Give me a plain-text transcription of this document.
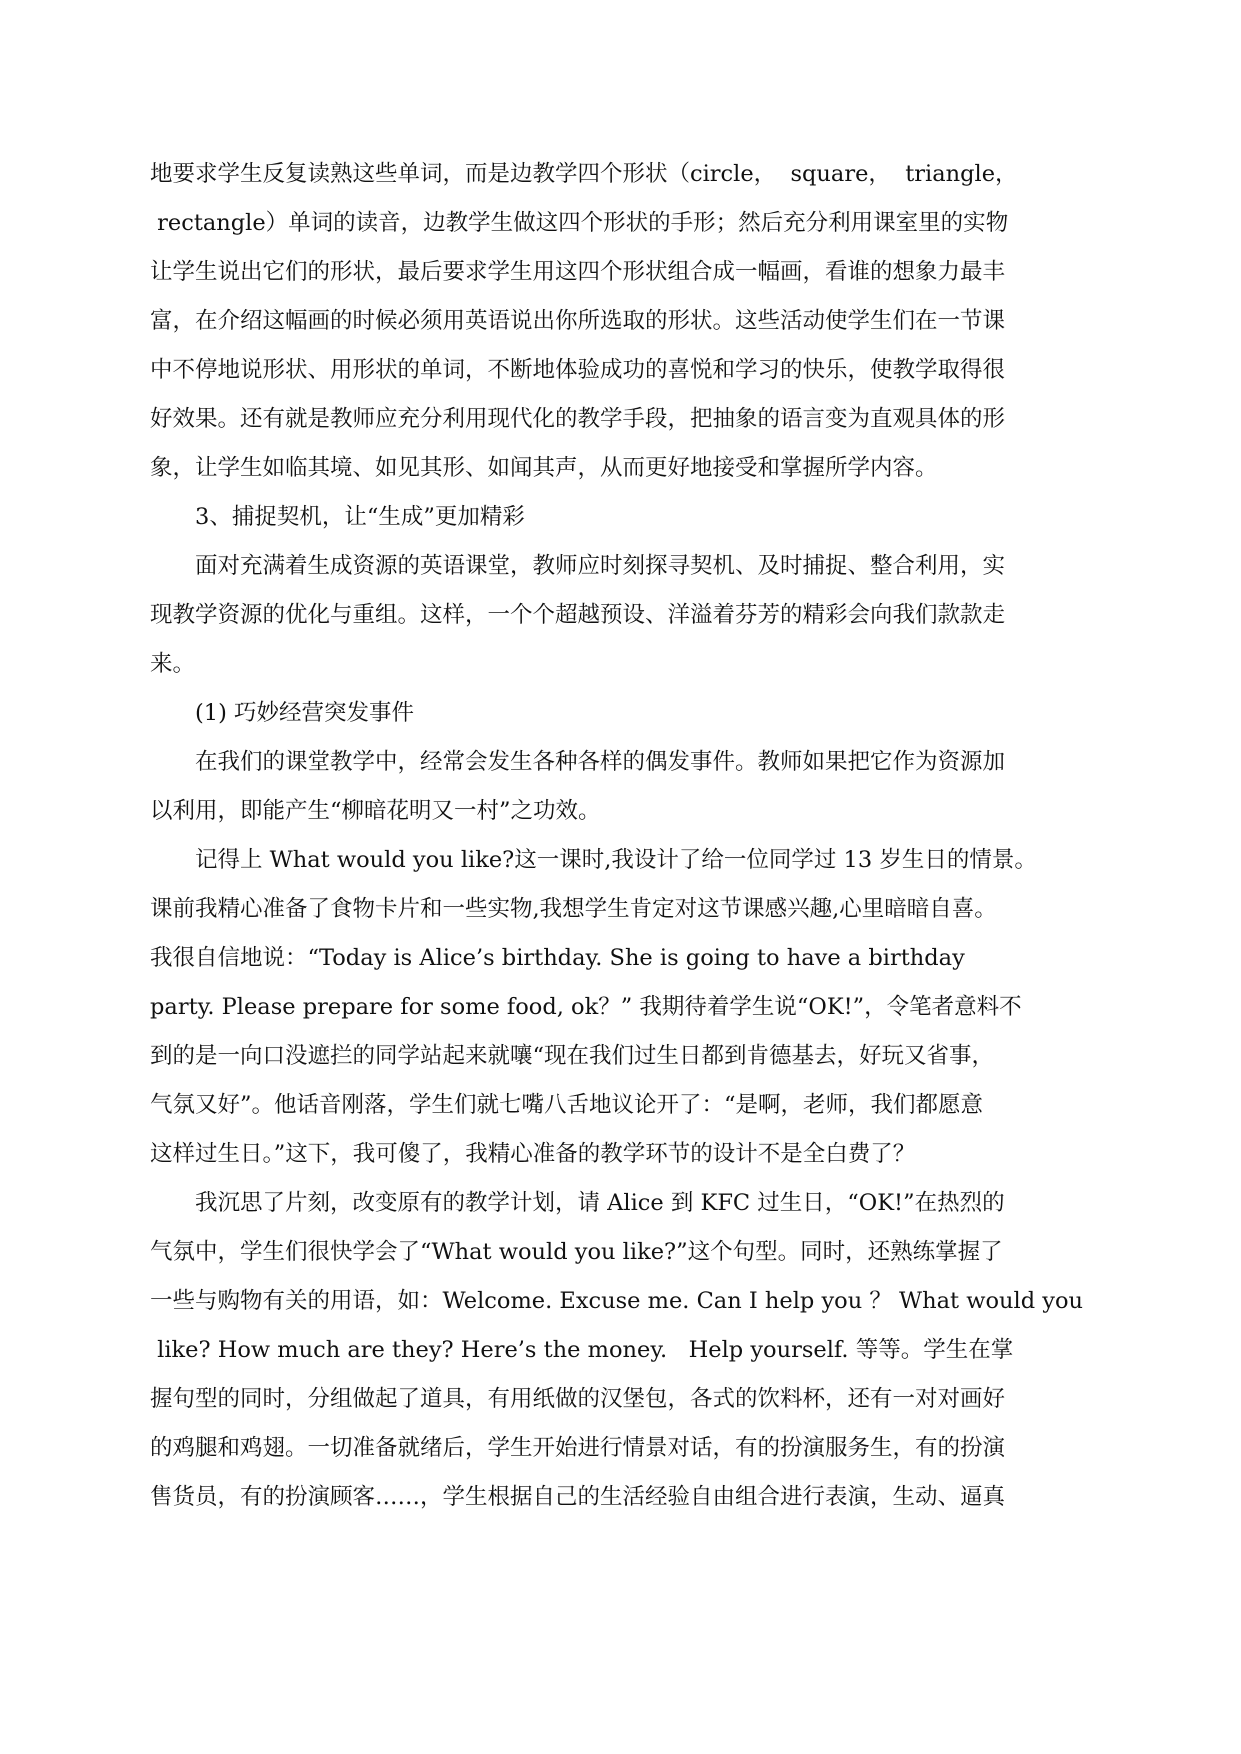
地要求学生反复读熟这些单词，而是边教学四个形状（circle，  square，  triangle，
rectangle）单词的读音，边教学生做这四个形状的手形；然后充分利用课室里的实物
让学生说出它们的形状，最后要求学生用这四个形状组合成一幅画，看谁的想象力最丰
富，在介绍这幅画的时候必须用英语说出你所选取的形状。这些活动使学生们在一节课
中不停地说形状、用形状的单词，不断地体验成功的喜悦和学习的快乐，使教学取得很
好效果。还有就是教师应充分利用现代化的教学手段，把抽象的语言变为直观具体的形
象，让学生如临其境、如见其形、如闻其声，从而更好地接受和掌握所学内容。
3、捕捉契机，让“生成”更加精彩
面对充满着生成资源的英语课堂，教师应时刻探寻契机、及时捕捉、整合利用，实
现教学资源的优化与重组。这样，一个个超越预设、洋溢着芬芳的精彩会向我们款款走
来。
(1) 巧妙经营突发事件
在我们的课堂教学中，经常会发生各种各样的偶发事件。教师如果把它作为资源加
以利用，即能产生“柳暗花明又一村”之功效。
记得上 What would you like?这一课时,我设计了给一位同学过 13 岁生日的情景。
课前我精心准备了食物卡片和一些实物,我想学生肯定对这节课感兴趣,心里暗暗自喜。
我很自信地说：“Today is Alice’s birthday. She is going to have a birthday
party. Please prepare for some food, ok？” 我期待着学生说“OK!”，令笔者意料不
到的是一向口没遮拦的同学站起来就嚷“现在我们过生日都到肯德基去，好玩又省事，
气氛又好”。他话音刚落，学生们就七嘴八舌地议论开了：“是啊，老师，我们都愿意
这样过生日。”这下，我可傻了，我精心准备的教学环节的设计不是全白费了？
我沉思了片刻，改变原有的教学计划，请 Alice 到 KFC 过生日，“OK!”在热烈的
气氛中，学生们很快学会了“What would you like?”这个句型。同时，还熟练掌握了
一些与购物有关的用语，如：Welcome. Excuse me. Can I help you ？ What would you
like? How much are they? Here’s the money.   Help yourself. 等等。学生在掌
握句型的同时，分组做起了道具，有用纸做的汉堡包，各式的饮料杯，还有一对对画好
的鸡腿和鸡翅。一切准备就绪后，学生开始进行情景对话，有的扮演服务生，有的扮演
售货员，有的扮演顾客……，学生根据自己的生活经验自由组合进行表演，生动、逼真
